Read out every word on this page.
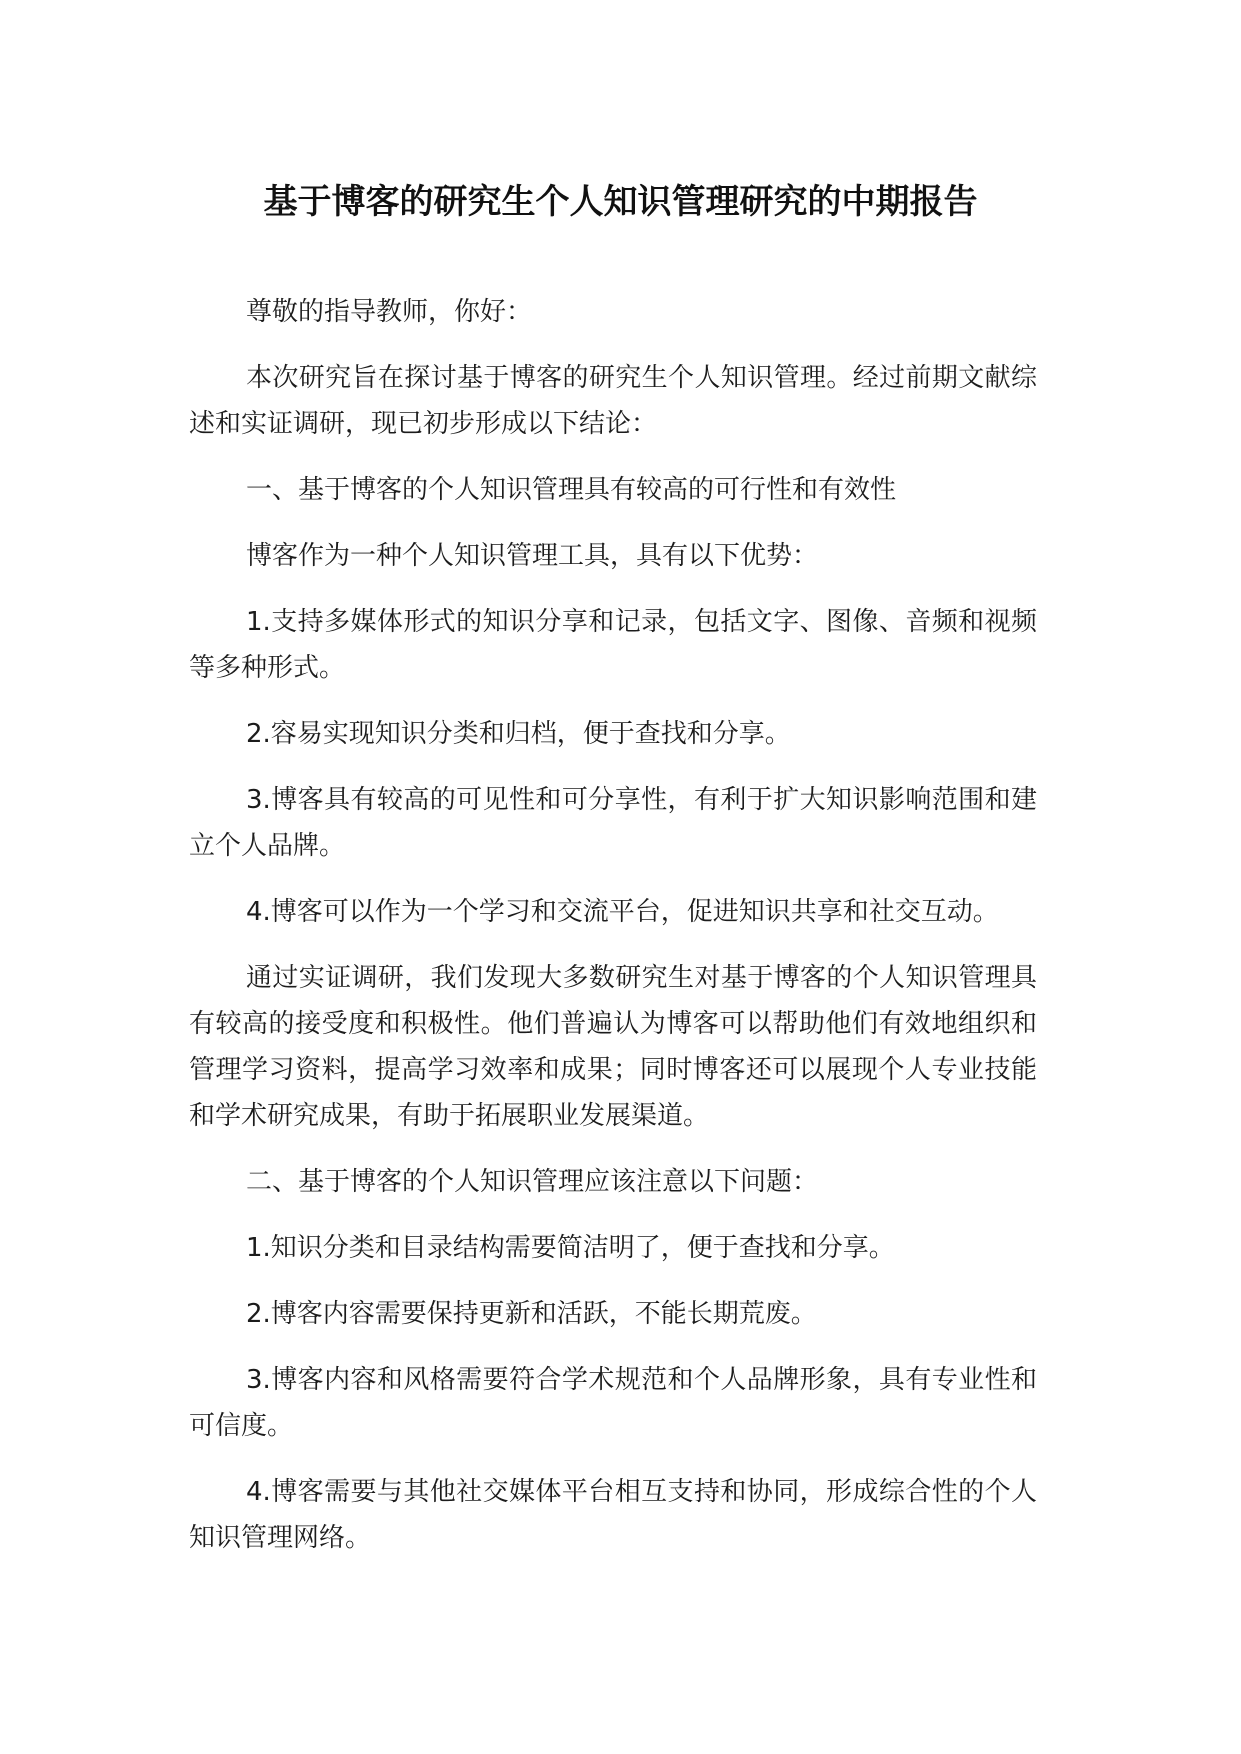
基于博客的研究生个人知识管理研究的中期报告

尊敬的指导教师，你好：

本次研究旨在探讨基于博客的研究生个人知识管理。经过前期文献综述和实证调研，现已初步形成以下结论：

一、基于博客的个人知识管理具有较高的可行性和有效性

博客作为一种个人知识管理工具，具有以下优势：

1.支持多媒体形式的知识分享和记录，包括文字、图像、音频和视频等多种形式。

2.容易实现知识分类和归档，便于查找和分享。

3.博客具有较高的可见性和可分享性，有利于扩大知识影响范围和建立个人品牌。

4.博客可以作为一个学习和交流平台，促进知识共享和社交互动。

通过实证调研，我们发现大多数研究生对基于博客的个人知识管理具有较高的接受度和积极性。他们普遍认为博客可以帮助他们有效地组织和管理学习资料，提高学习效率和成果；同时博客还可以展现个人专业技能和学术研究成果，有助于拓展职业发展渠道。

二、基于博客的个人知识管理应该注意以下问题：

1.知识分类和目录结构需要简洁明了，便于查找和分享。

2.博客内容需要保持更新和活跃，不能长期荒废。

3.博客内容和风格需要符合学术规范和个人品牌形象，具有专业性和可信度。

4.博客需要与其他社交媒体平台相互支持和协同，形成综合性的个人知识管理网络。
